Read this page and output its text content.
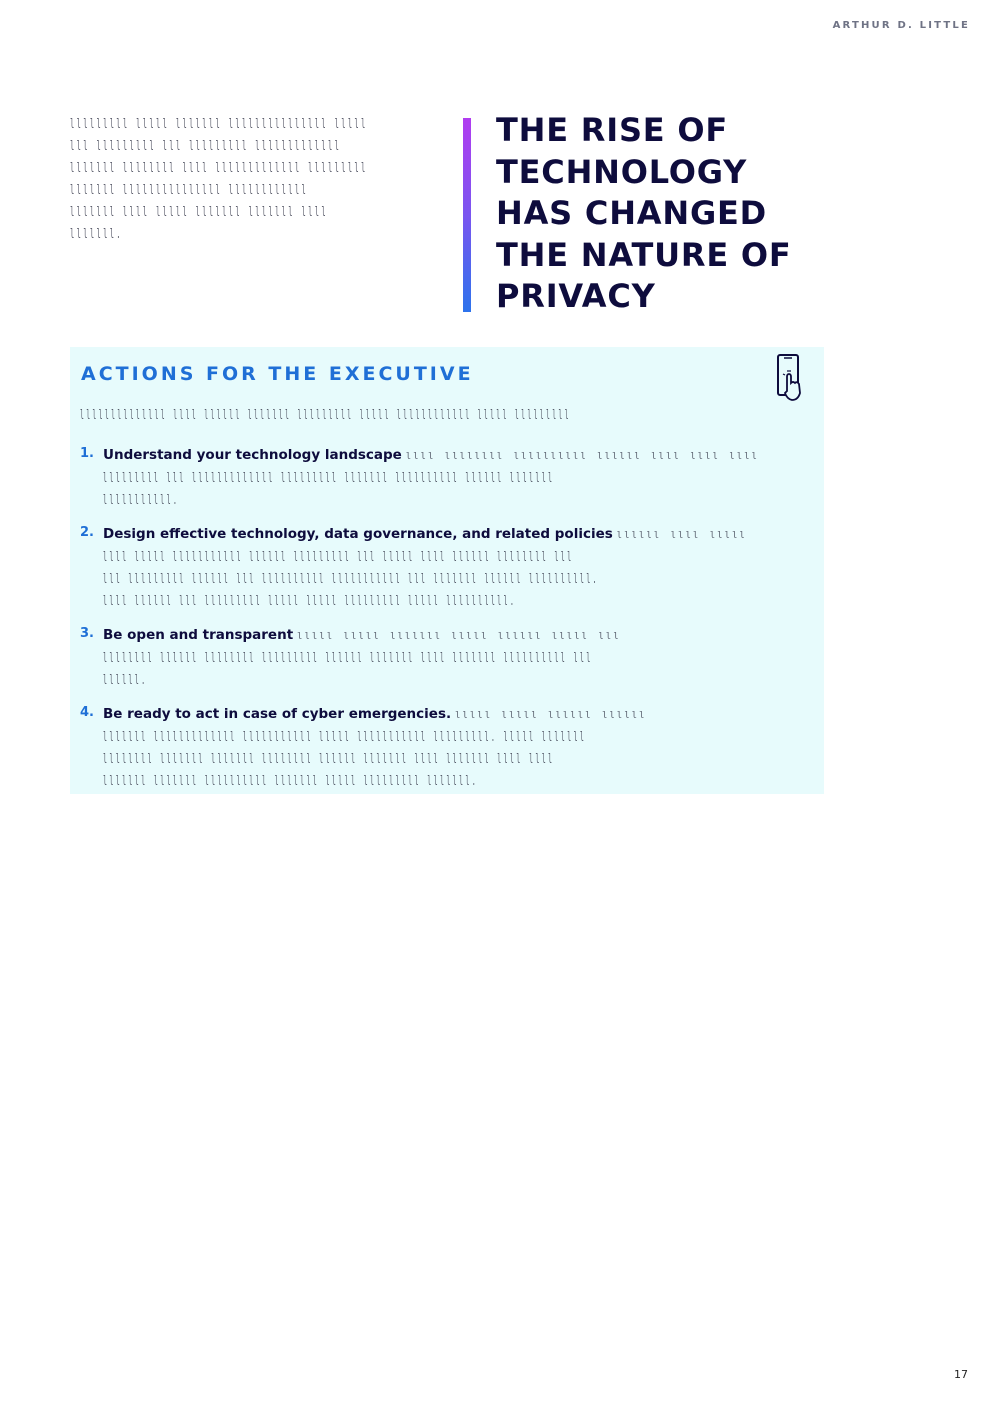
ARTHUR D. LITTLE
lllllllll lllll lllllll lllllllllllllll lllll
lll lllllllll lll lllllllll lllllllllllll
lllllll llllllll llll lllllllllllll lllllllll
lllllll lllllllllllllll llllllllllll
lllllll llll lllll lllllll lllllll llll
lllllll.
THE RISE OF
TECHNOLOGY
HAS CHANGED
THE NATURE OF
PRIVACY
ACTIONS FOR THE EXECUTIVE
llllllllllllll llll llllll lllllll lllllllll lllll llllllllllll lllll lllllllll
1. Understand your technology landscape llll llllllll llllllllll llllll llll llll llll
lllllllll lll lllllllllllll lllllllll lllllll llllllllll llllll lllllll
lllllllllll.
2. Design effective technology, data governance, and related policies llllll llll lllll
llll lllll lllllllllll llllll lllllllll lll lllll llll llllll llllllll lll
lll lllllllll llllll lll llllllllll lllllllllll lll lllllll llllll llllllllll.
llll llllll lll lllllllll lllll lllll lllllllll lllll llllllllll.
3. Be open and transparent lllll lllll lllllll lllll llllll lllll lll
llllllll llllll llllllll lllllllll llllll lllllll llll lllllll llllllllll lll
llllll.
4. Be ready to act in case of cyber emergencies. lllll lllll llllll llllll
lllllll lllllllllllll lllllllllll lllll lllllllllll lllllllll. lllll lllllll
llllllll lllllll lllllll llllllll llllll lllllll llll lllllll llll llll
lllllll lllllll llllllllll lllllll lllll lllllllll lllllll.
17
